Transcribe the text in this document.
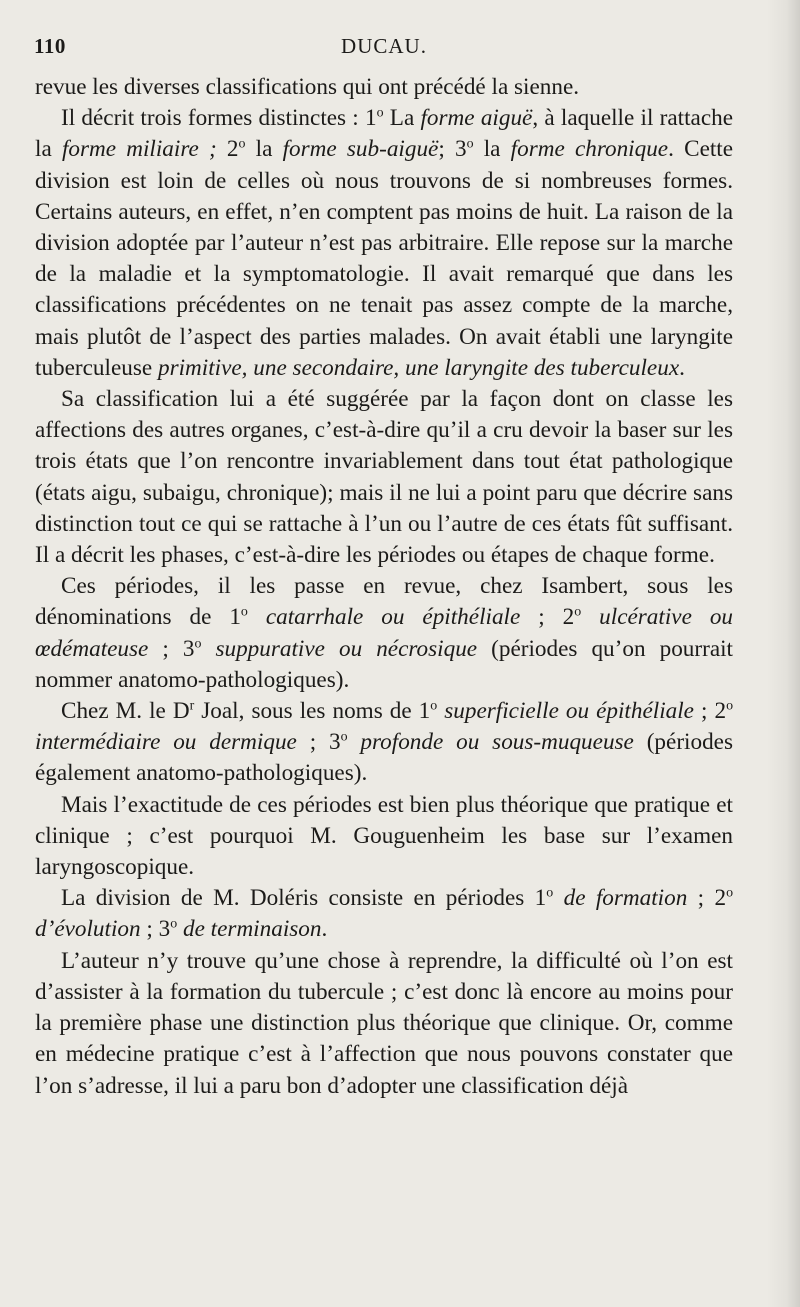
110	DUCAU.

revue les diverses classifications qui ont précédé la sienne.

Il décrit trois formes distinctes : 1$^o$ La forme aiguë, à laquelle il rattache la forme miliaire ; 2$^o$ la forme sub-aiguë; 3$^o$ la forme chronique. Cette division est loin de celles où nous trouvons de si nombreuses formes. Certains auteurs, en effet, n’en comptent pas moins de huit. La raison de la division adoptée par l’auteur n’est pas arbitraire. Elle repose sur la marche de la maladie et la symptomatologie. Il avait remarqué que dans les classifications précédentes on ne tenait pas assez compte de la marche, mais plutôt de l’aspect des parties malades. On avait établi une laryngite tuberculeuse primitive, une secondaire, une laryngite des tuberculeux.

Sa classification lui a été suggérée par la façon dont on classe les affections des autres organes, c’est-à-dire qu’il a cru devoir la baser sur les trois états que l’on rencontre invariablement dans tout état pathologique (états aigu, subaigu, chronique); mais il ne lui a point paru que décrire sans distinction tout ce qui se rattache à l’un ou l’autre de ces états fût suffisant. Il a décrit les phases, c’est-à-dire les périodes ou étapes de chaque forme.

Ces périodes, il les passe en revue, chez Isambert, sous les dénominations de 1$^o$ catarrhale ou épithéliale ; 2$^o$ ulcérative ou œdémateuse ; 3$^o$ suppurative ou nécrosique (périodes qu’on pourrait nommer anatomo-pathologiques).

Chez M. le $D^r$ Joal, sous les noms de 1$^o$ superficielle ou épithéliale ; 2$^o$ intermédiaire ou dermique ; 3$^o$ profonde ou sous-muqueuse (périodes également anatomo-pathologiques).

Mais l’exactitude de ces périodes est bien plus théorique que pratique et clinique ; c’est pourquoi M. Gouguenheim les base sur l’examen laryngoscopique.

La division de M. Doléris consiste en périodes 1$^o$ de formation ; 2$^o$ d’évolution ; 3$^o$ de terminaison.

L’auteur n’y trouve qu’une chose à reprendre, la difficulté où l’on est d’assister à la formation du tubercule ; c’est donc là encore au moins pour la première phase une distinction plus théorique que clinique. Or, comme en médecine pratique c’est à l’affection que nous pouvons constater que l’on s’adresse, il lui a paru bon d’adopter une classification déjà
